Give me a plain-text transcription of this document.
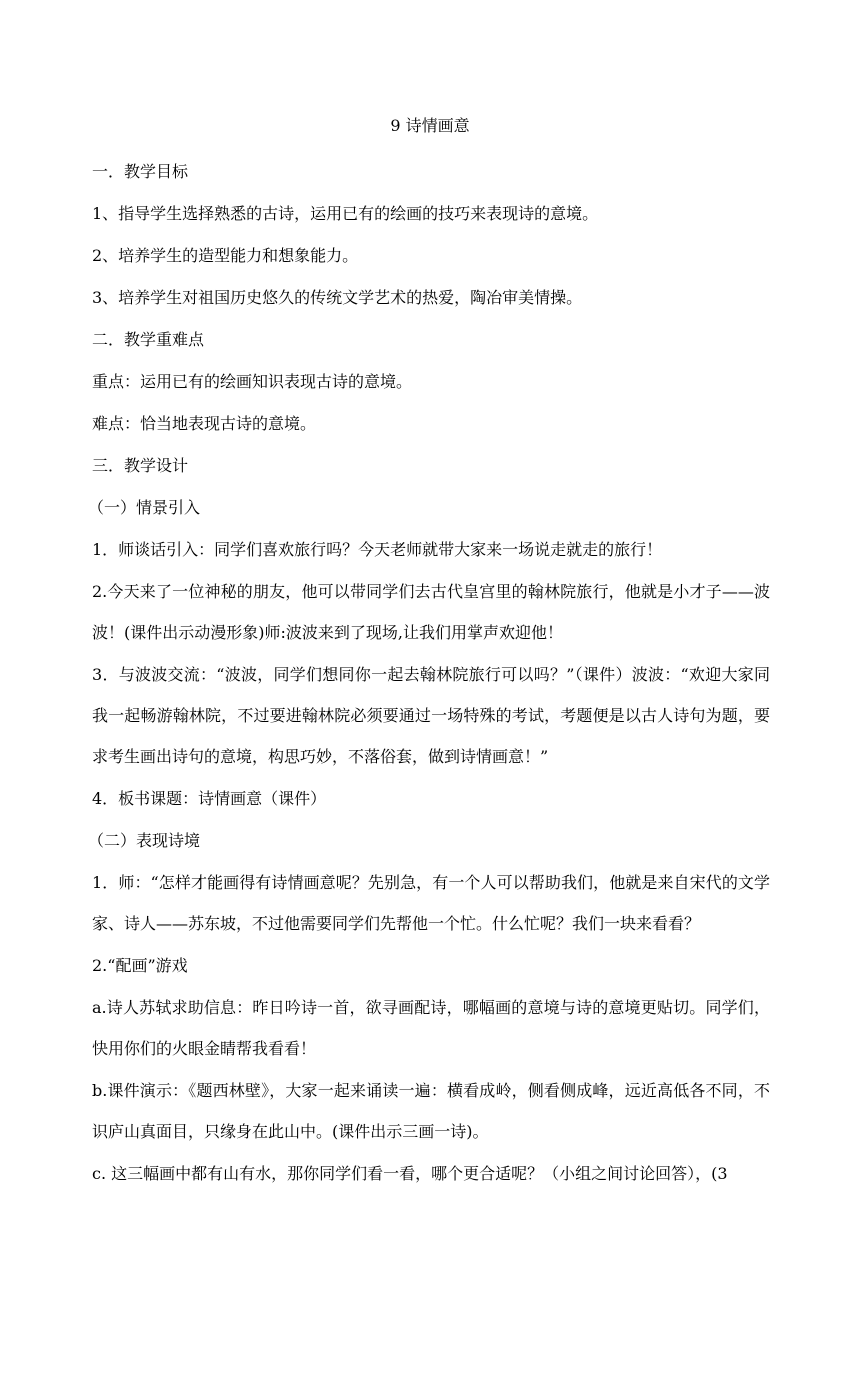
9 诗情画意
一．教学目标
1、指导学生选择熟悉的古诗，运用已有的绘画的技巧来表现诗的意境。
2、培养学生的造型能力和想象能力。
3、培养学生对祖国历史悠久的传统文学艺术的热爱，陶冶审美情操。
二．教学重难点
重点：运用已有的绘画知识表现古诗的意境。
难点：恰当地表现古诗的意境。
三．教学设计
（一）情景引入
1．师谈话引入：同学们喜欢旅行吗？今天老师就带大家来一场说走就走的旅行！
2.今天来了一位神秘的朋友，他可以带同学们去古代皇宫里的翰林院旅行，他就是小才子——波波！(课件出示动漫形象)师:波波来到了现场,让我们用掌声欢迎他！
3．与波波交流：“波波，同学们想同你一起去翰林院旅行可以吗？”（课件）波波：“欢迎大家同我一起畅游翰林院，不过要进翰林院必须要通过一场特殊的考试，考题便是以古人诗句为题，要求考生画出诗句的意境，构思巧妙，不落俗套，做到诗情画意！”
4．板书课题：诗情画意（课件）
（二）表现诗境
1．师：“怎样才能画得有诗情画意呢？先别急，有一个人可以帮助我们，他就是来自宋代的文学家、诗人——苏东坡，不过他需要同学们先帮他一个忙。什么忙呢？我们一块来看看？
2.“配画”游戏
a.诗人苏轼求助信息：昨日吟诗一首，欲寻画配诗，哪幅画的意境与诗的意境更贴切。同学们，快用你们的火眼金睛帮我看看！
b.课件演示：《题西林壁》，大家一起来诵读一遍：横看成岭，侧看侧成峰，远近高低各不同，不识庐山真面目，只缘身在此山中。(课件出示三画一诗)。
c. 这三幅画中都有山有水，那你同学们看一看，哪个更合适呢？（小组之间讨论回答），(3
